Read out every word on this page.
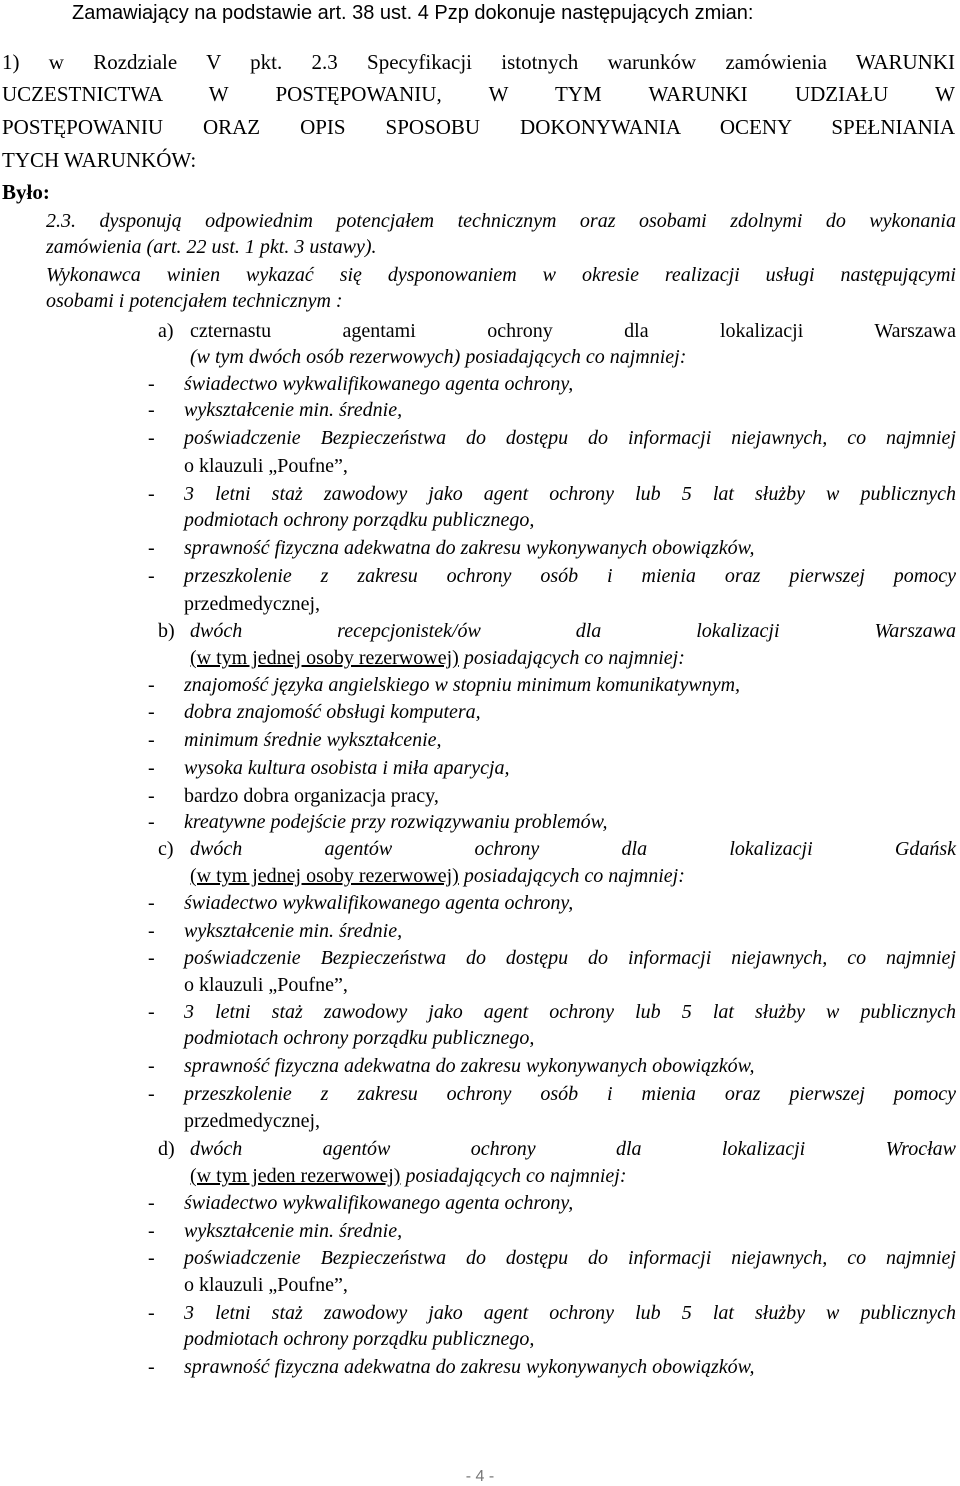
Zamawiający na podstawie art. 38 ust. 4 Pzp dokonuje następujących zmian:
1) w Rozdziale V pkt. 2.3 Specyfikacji istotnych warunków zamówienia WARUNKI
UCZESTNICTWA W POSTĘPOWANIU, W TYM WARUNKI UDZIAŁU W
POSTĘPOWANIU ORAZ OPIS SPOSOBU DOKONYWANIA OCENY SPEŁNIANIA
TYCH WARUNKÓW:
Było:
2.3. dysponują odpowiednim potencjałem technicznym oraz osobami zdolnymi do wykonania
zamówienia (art. 22 ust. 1 pkt. 3 ustawy).
Wykonawca winien wykazać się dysponowaniem w okresie realizacji usługi następującymi
osobami i potencjałem technicznym :
a) czternastu agentami ochrony dla lokalizacji Warszawa
(w tym dwóch osób rezerwowych) posiadających co najmniej:
- świadectwo wykwalifikowanego agenta ochrony,
- wykształcenie min. średnie,
- poświadczenie Bezpieczeństwa do dostępu do informacji niejawnych, co najmniej
o klauzuli „Poufne”,
- 3 letni staż zawodowy jako agent ochrony lub 5 lat służby w publicznych
podmiotach ochrony porządku publicznego,
- sprawność fizyczna adekwatna do zakresu wykonywanych obowiązków,
- przeszkolenie z zakresu ochrony osób i mienia oraz pierwszej pomocy
przedmedycznej,
b) dwóch recepcjonistek/ów dla lokalizacji Warszawa
(w tym jednej osoby rezerwowej) posiadających co najmniej:
- znajomość języka angielskiego w stopniu minimum komunikatywnym,
- dobra znajomość obsługi komputera,
- minimum średnie wykształcenie,
- wysoka kultura osobista i miła aparycja,
- bardzo dobra organizacja pracy,
- kreatywne podejście przy rozwiązywaniu problemów,
c) dwóch agentów ochrony dla lokalizacji Gdańsk
(w tym jednej osoby rezerwowej) posiadających co najmniej:
- świadectwo wykwalifikowanego agenta ochrony,
- wykształcenie min. średnie,
- poświadczenie Bezpieczeństwa do dostępu do informacji niejawnych, co najmniej
o klauzuli „Poufne”,
- 3 letni staż zawodowy jako agent ochrony lub 5 lat służby w publicznych
podmiotach ochrony porządku publicznego,
- sprawność fizyczna adekwatna do zakresu wykonywanych obowiązków,
- przeszkolenie z zakresu ochrony osób i mienia oraz pierwszej pomocy
przedmedycznej,
d) dwóch agentów ochrony dla lokalizacji Wrocław
(w tym jeden rezerwowej) posiadających co najmniej:
- świadectwo wykwalifikowanego agenta ochrony,
- wykształcenie min. średnie,
- poświadczenie Bezpieczeństwa do dostępu do informacji niejawnych, co najmniej
o klauzuli „Poufne”,
- 3 letni staż zawodowy jako agent ochrony lub 5 lat służby w publicznych
podmiotach ochrony porządku publicznego,
- sprawność fizyczna adekwatna do zakresu wykonywanych obowiązków,
- 4 -
